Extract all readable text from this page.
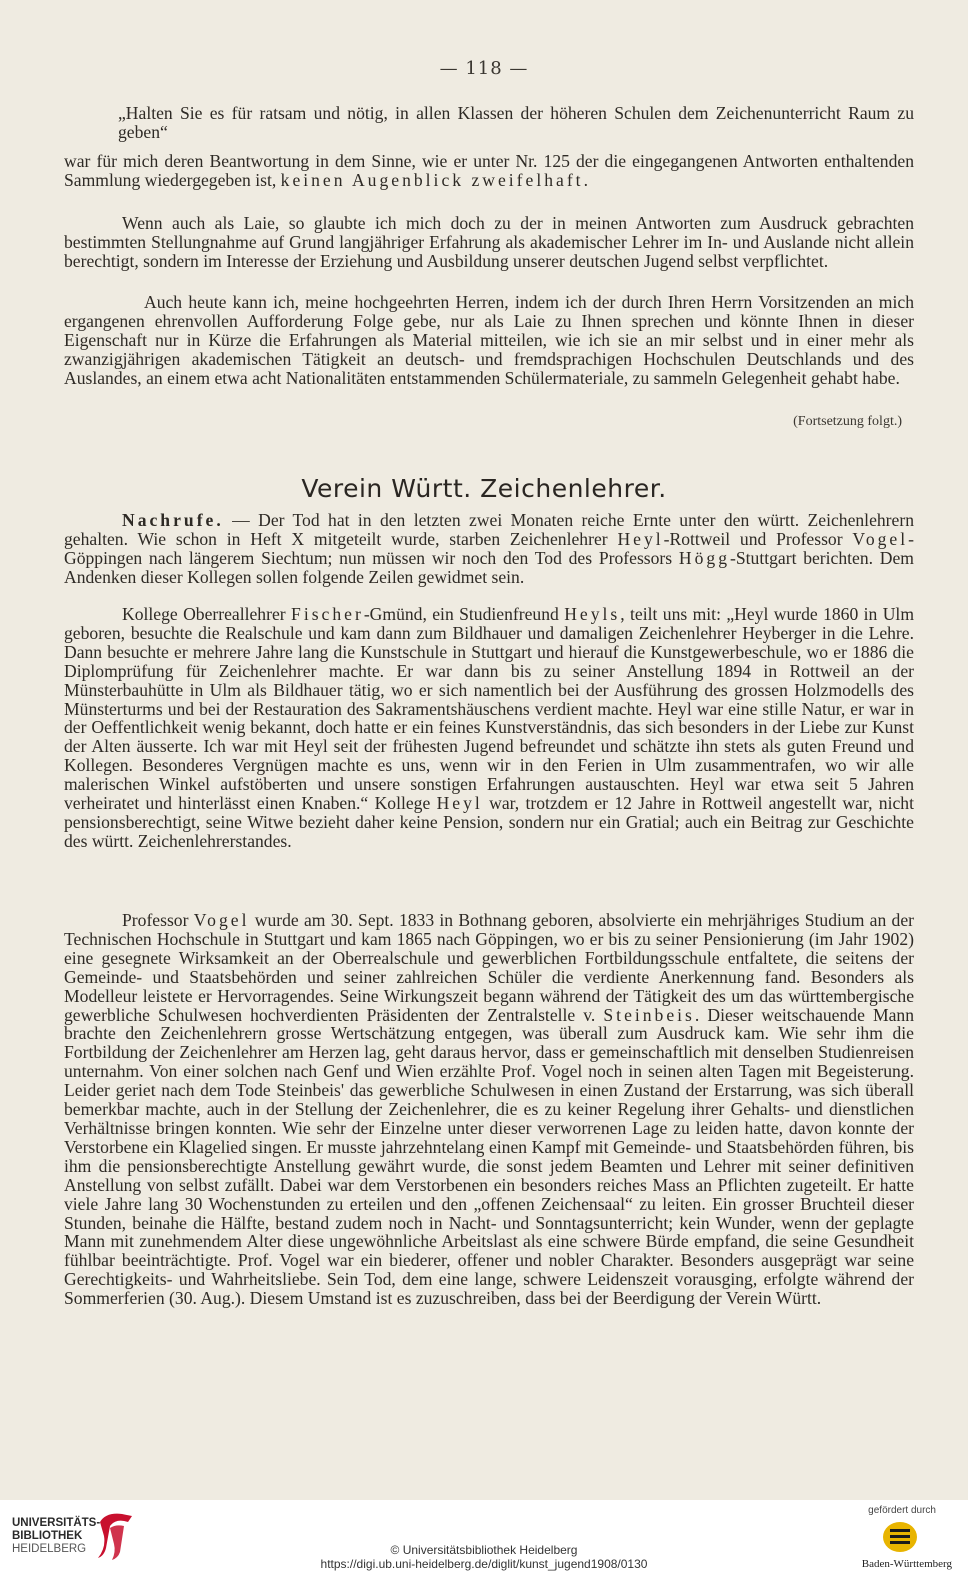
— 118 —

„Halten Sie es für ratsam und nötig, in allen Klassen der höheren Schulen dem Zeichenunterricht Raum zu geben“

war für mich deren Beantwortung in dem Sinne, wie er unter Nr. 125 der die eingegangenen Antworten enthaltenden Sammlung wiedergegeben ist, keinen Augenblick zweifelhaft.

Wenn auch als Laie, so glaubte ich mich doch zu der in meinen Antworten zum Ausdruck gebrachten bestimmten Stellungnahme auf Grund langjähriger Erfahrung als akademischer Lehrer im In- und Auslande nicht allein berechtigt, sondern im Interesse der Erziehung und Ausbildung unserer deutschen Jugend selbst verpflichtet.

Auch heute kann ich, meine hochgeehrten Herren, indem ich der durch Ihren Herrn Vorsitzenden an mich ergangenen ehrenvollen Aufforderung Folge gebe, nur als Laie zu Ihnen sprechen und könnte Ihnen in dieser Eigenschaft nur in Kürze die Erfahrungen als Material mitteilen, wie ich sie an mir selbst und in einer mehr als zwanzigjährigen akademischen Tätigkeit an deutsch- und fremdsprachigen Hochschulen Deutschlands und des Auslandes, an einem etwa acht Nationalitäten entstammenden Schülermateriale, zu sammeln Gelegenheit gehabt habe.

(Fortsetzung folgt.)
Verein Württ. Zeichenlehrer.

Nachrufe. — Der Tod hat in den letzten zwei Monaten reiche Ernte unter den württ. Zeichenlehrern gehalten. Wie schon in Heft X mitgeteilt wurde, starben Zeichenlehrer Heyl-Rottweil und Professor Vogel-Göppingen nach längerem Siechtum; nun müssen wir noch den Tod des Professors Högg-Stuttgart berichten. Dem Andenken dieser Kollegen sollen folgende Zeilen gewidmet sein.

Kollege Oberreallehrer Fischer-Gmünd, ein Studienfreund Heyls, teilt uns mit: „Heyl wurde 1860 in Ulm geboren, besuchte die Realschule und kam dann zum Bildhauer und damaligen Zeichenlehrer Heyberger in die Lehre. Dann besuchte er mehrere Jahre lang die Kunstschule in Stuttgart und hierauf die Kunstgewerbeschule, wo er 1886 die Diplomprüfung für Zeichenlehrer machte. Er war dann bis zu seiner Anstellung 1894 in Rottweil an der Münsterbauhütte in Ulm als Bildhauer tätig, wo er sich namentlich bei der Ausführung des grossen Holzmodells des Münsterturms und bei der Restauration des Sakramentshäuschens verdient machte. Heyl war eine stille Natur, er war in der Oeffentlichkeit wenig bekannt, doch hatte er ein feines Kunstverständnis, das sich besonders in der Liebe zur Kunst der Alten äusserte. Ich war mit Heyl seit der frühesten Jugend befreundet und schätzte ihn stets als guten Freund und Kollegen. Besonderes Vergnügen machte es uns, wenn wir in den Ferien in Ulm zusammentrafen, wo wir alle malerischen Winkel aufstöberten und unsere sonstigen Erfahrungen austauschten. Heyl war etwa seit 5 Jahren verheiratet und hinterlässt einen Knaben.“ Kollege Heyl war, trotzdem er 12 Jahre in Rottweil angestellt war, nicht pensionsberechtigt, seine Witwe bezieht daher keine Pension, sondern nur ein Gratial; auch ein Beitrag zur Geschichte des württ. Zeichenlehrerstandes.

Professor Vogel wurde am 30. Sept. 1833 in Bothnang geboren, absolvierte ein mehrjähriges Studium an der Technischen Hochschule in Stuttgart und kam 1865 nach Göppingen, wo er bis zu seiner Pensionierung (im Jahr 1902) eine gesegnete Wirksamkeit an der Oberrealschule und gewerblichen Fortbildungsschule entfaltete, die seitens der Gemeinde- und Staatsbehörden und seiner zahlreichen Schüler die verdiente Anerkennung fand. Besonders als Modelleur leistete er Hervorragendes. Seine Wirkungszeit begann während der Tätigkeit des um das württembergische gewerbliche Schulwesen hochverdienten Präsidenten der Zentralstelle v. Steinbeis. Dieser weitschauende Mann brachte den Zeichenlehrern grosse Wertschätzung entgegen, was überall zum Ausdruck kam. Wie sehr ihm die Fortbildung der Zeichenlehrer am Herzen lag, geht daraus hervor, dass er gemeinschaftlich mit denselben Studienreisen unternahm. Von einer solchen nach Genf und Wien erzählte Prof. Vogel noch in seinen alten Tagen mit Begeisterung. Leider geriet nach dem Tode Steinbeis' das gewerbliche Schulwesen in einen Zustand der Erstarrung, was sich überall bemerkbar machte, auch in der Stellung der Zeichenlehrer, die es zu keiner Regelung ihrer Gehalts- und dienstlichen Verhältnisse bringen konnten. Wie sehr der Einzelne unter dieser verworrenen Lage zu leiden hatte, davon konnte der Verstorbene ein Klagelied singen. Er musste jahrzehntelang einen Kampf mit Gemeinde- und Staatsbehörden führen, bis ihm die pensionsberechtigte Anstellung gewährt wurde, die sonst jedem Beamten und Lehrer mit seiner definitiven Anstellung von selbst zufällt. Dabei war dem Verstorbenen ein besonders reiches Mass an Pflichten zugeteilt. Er hatte viele Jahre lang 30 Wochenstunden zu erteilen und den „offenen Zeichensaal“ zu leiten. Ein grosser Bruchteil dieser Stunden, beinahe die Hälfte, bestand zudem noch in Nacht- und Sonntagsunterricht; kein Wunder, wenn der geplagte Mann mit zunehmendem Alter diese ungewöhnliche Arbeitslast als eine schwere Bürde empfand, die seine Gesundheit fühlbar beeinträchtigte. Prof. Vogel war ein biederer, offener und nobler Charakter. Besonders ausgeprägt war seine Gerechtigkeits- und Wahrheitsliebe. Sein Tod, dem eine lange, schwere Leidenszeit vorausging, erfolgte während der Sommerferien (30. Aug.). Diesem Umstand ist es zuzuschreiben, dass bei der Beerdigung der Verein Württ.

UNIVERSITÄTS-
BIBLIOTHEK
HEIDELBERG	© Universitätsbibliothek Heidelberg
https://digi.ub.uni-heidelberg.de/diglit/kunst_jugend1908/0130
gefördert durch
Baden-Württemberg
